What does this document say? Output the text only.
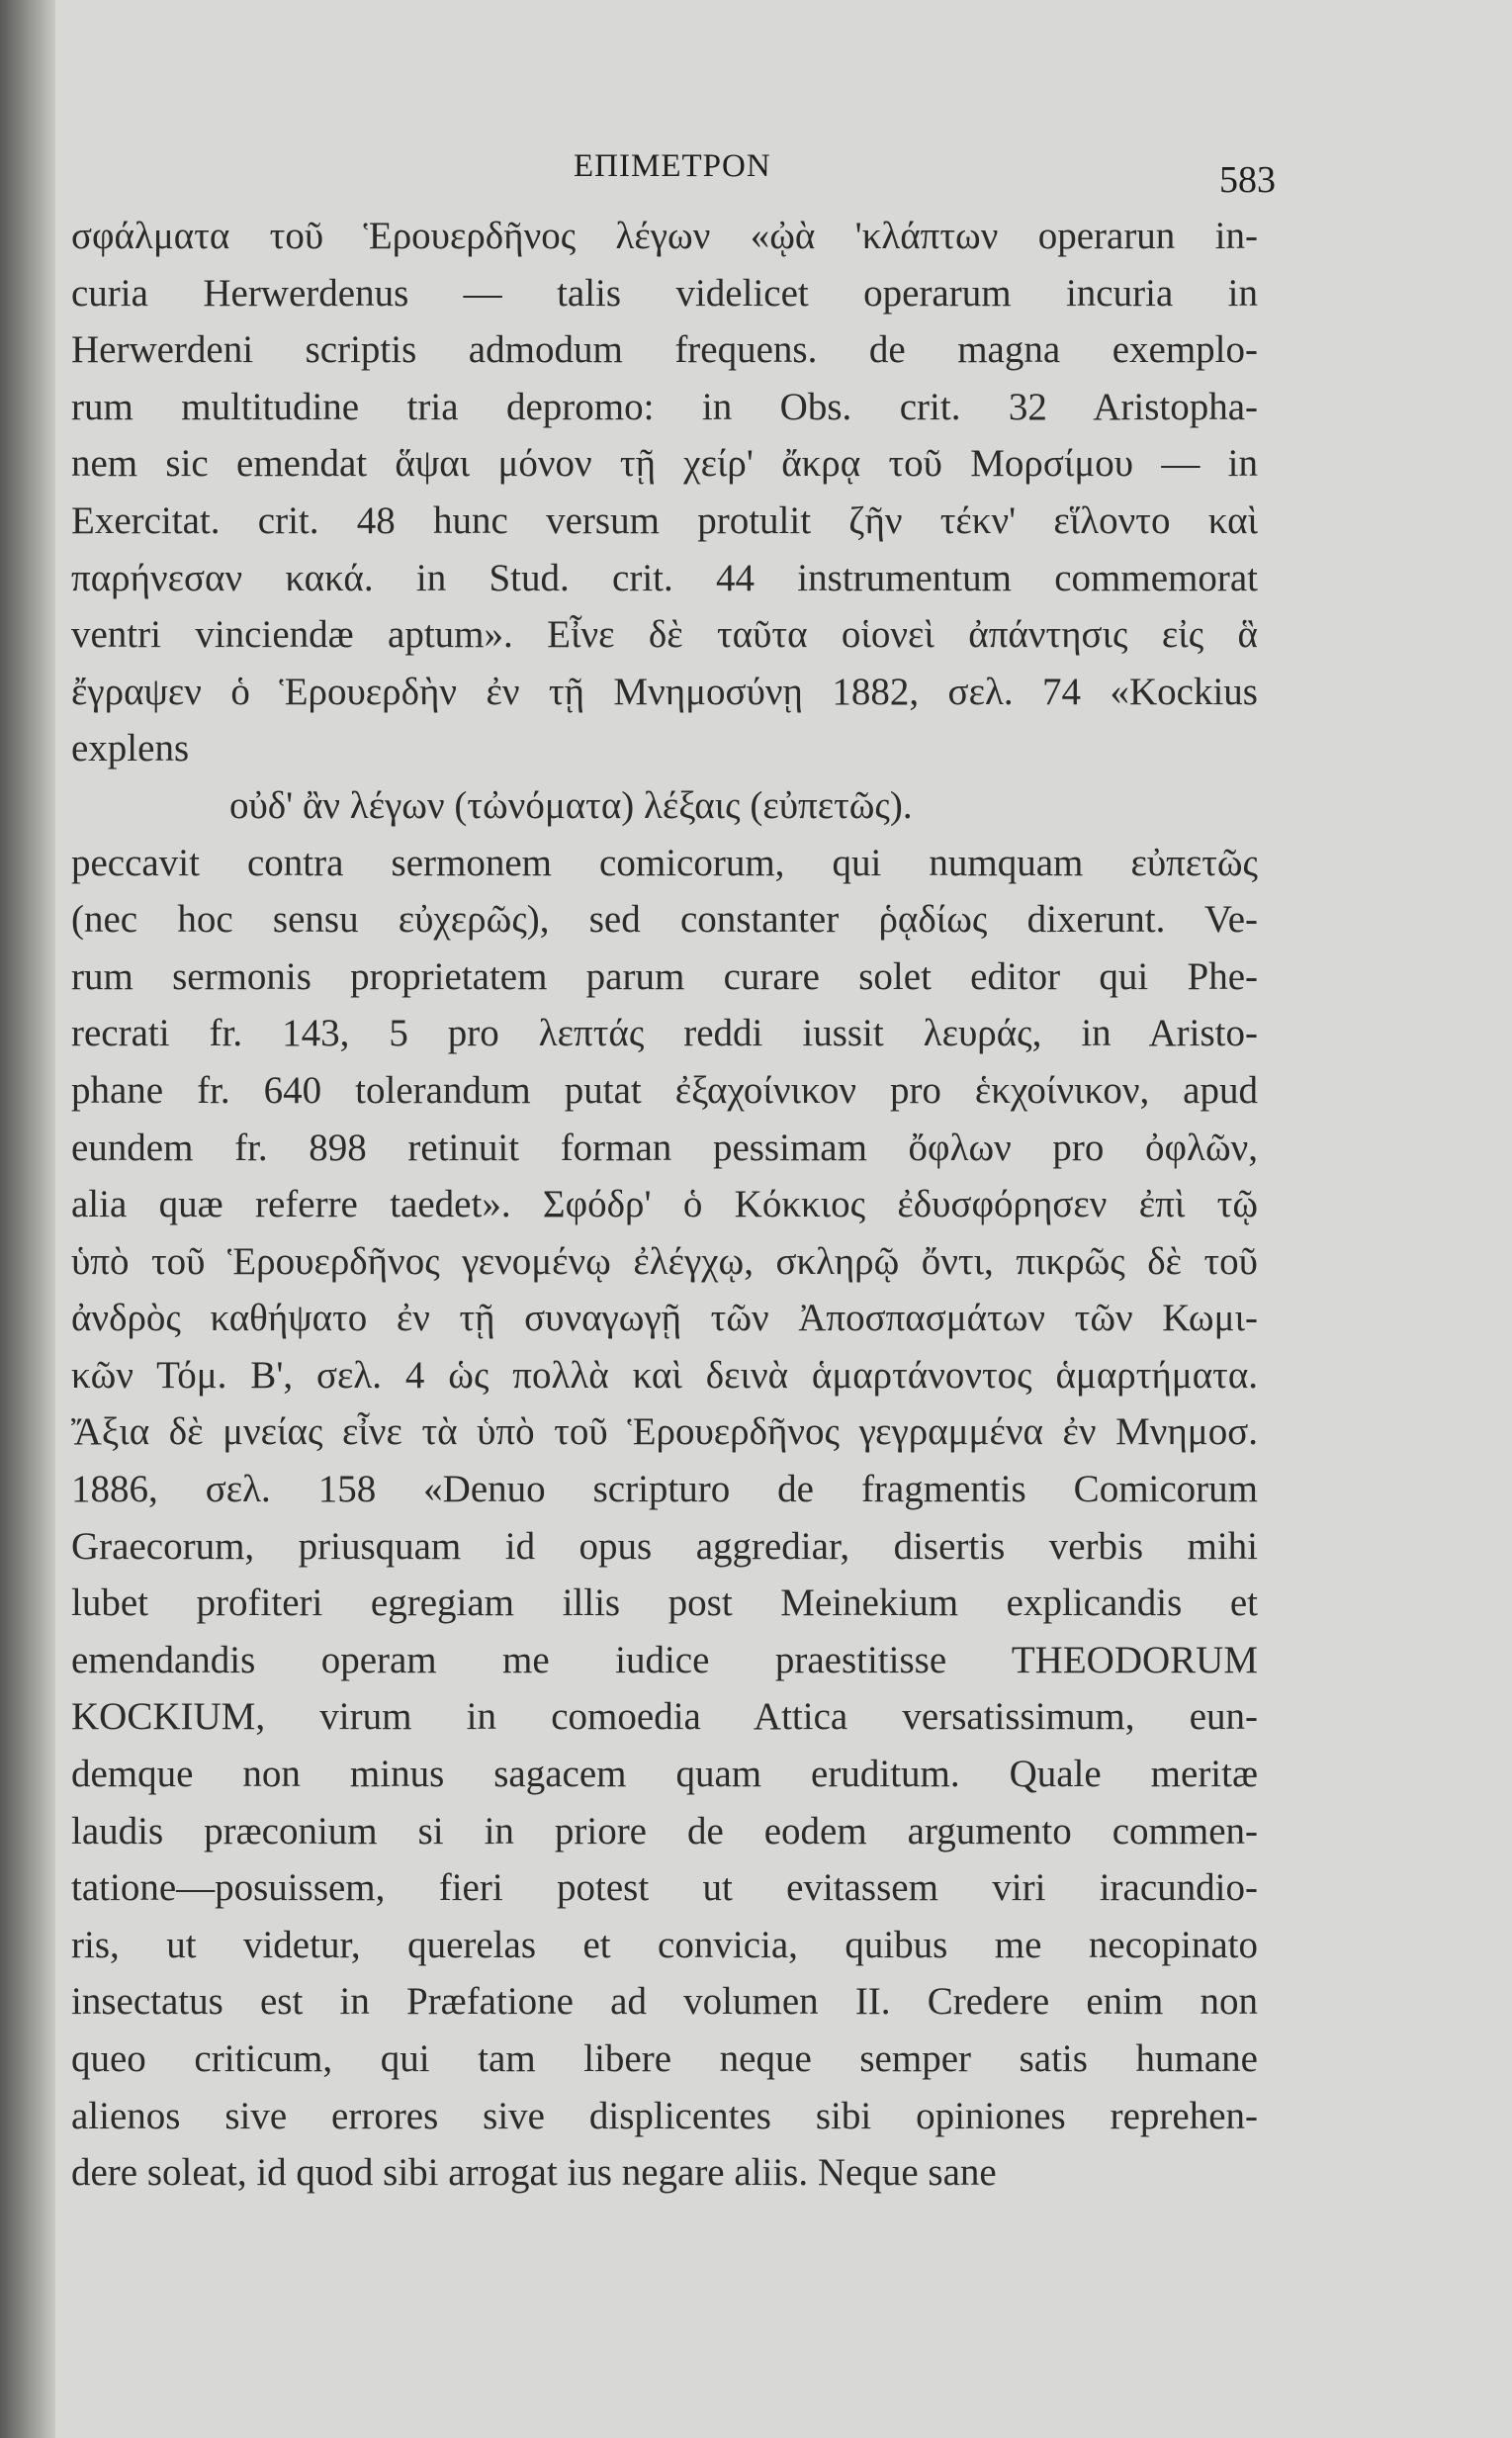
ΕΠΙΜΕΤΡΟΝ	583
σφάλματα τοῦ Ἑρουερδῆνος λέγων «ᾠὰ 'κλάπτων operarun in-
curia Herwerdenus — talis videlicet operarum incuria in
Herwerdeni scriptis admodum frequens. de magna exemplo-
rum multitudine tria depromo: in Obs. crit. 32 Aristopha-
nem sic emendat ἅψαι μόνον τῇ χείρ' ἄκρᾳ τοῦ Μορσίμου — in
Exercitat. crit. 48 hunc versum protulit ζῆν τέκν' εἵλοντο καὶ
παρήνεσαν κακά. in Stud. crit. 44 instrumentum commemorat
ventri vinciendæ aptum». Εἶνε δὲ ταῦτα οἱονεὶ ἀπάντησις εἰς ἃ
ἔγραψεν ὁ Ἑρουερδὴν ἐν τῇ Μνημοσύνῃ 1882, σελ. 74 «Kockius
explens
οὐδ' ἂν λέγων (τὠνόματα) λέξαις (εὐπετῶς).
peccavit contra sermonem comicorum, qui numquam εὐπετῶς
(nec hoc sensu εὐχερῶς), sed constanter ῥᾳδίως dixerunt. Ve-
rum sermonis proprietatem parum curare solet editor qui Phe-
recrati fr. 143, 5 pro λεπτάς reddi iussit λευράς, in Aristo-
phane fr. 640 tolerandum putat ἐξαχοίνικον pro ἑκχοίνικον, apud
eundem fr. 898 retinuit forman pessimam ὄφλων pro ὀφλῶν,
alia quæ referre taedet». Σφόδρ' ὁ Κόκκιος ἐδυσφόρησεν ἐπὶ τῷ
ὑπὸ τοῦ Ἑρουερδῆνος γενομένῳ ἐλέγχῳ, σκληρῷ ὄντι, πικρῶς δὲ τοῦ
ἀνδρὸς καθήψατο ἐν τῇ συναγωγῇ τῶν Ἀποσπασμάτων τῶν Κωμι-
κῶν Τόμ. Β', σελ. 4 ὡς πολλὰ καὶ δεινὰ ἁμαρτάνοντος ἁμαρτήματα.
Ἄξια δὲ μνείας εἶνε τὰ ὑπὸ τοῦ Ἑρουερδῆνος γεγραμμένα ἐν Μνημοσ.
1886, σελ. 158 «Denuo scripturo de fragmentis Comicorum
Graecorum, priusquam id opus aggrediar, disertis verbis mihi
lubet profiteri egregiam illis post Meinekium explicandis et
emendandis operam me iudice praestitisse THEODORUM
KOCKIUM, virum in comoedia Attica versatissimum, eun-
demque non minus sagacem quam eruditum. Quale meritæ
laudis præconium si in priore de eodem argumento commen-
tatione—posuissem, fieri potest ut evitassem viri iracundio-
ris, ut videtur, querelas et convicia, quibus me necopinato
insectatus est in Præfatione ad volumen II. Credere enim non
queo criticum, qui tam libere neque semper satis humane
alienos sive errores sive displicentes sibi opiniones reprehen-
dere soleat, id quod sibi arrogat ius negare aliis. Neque sane
